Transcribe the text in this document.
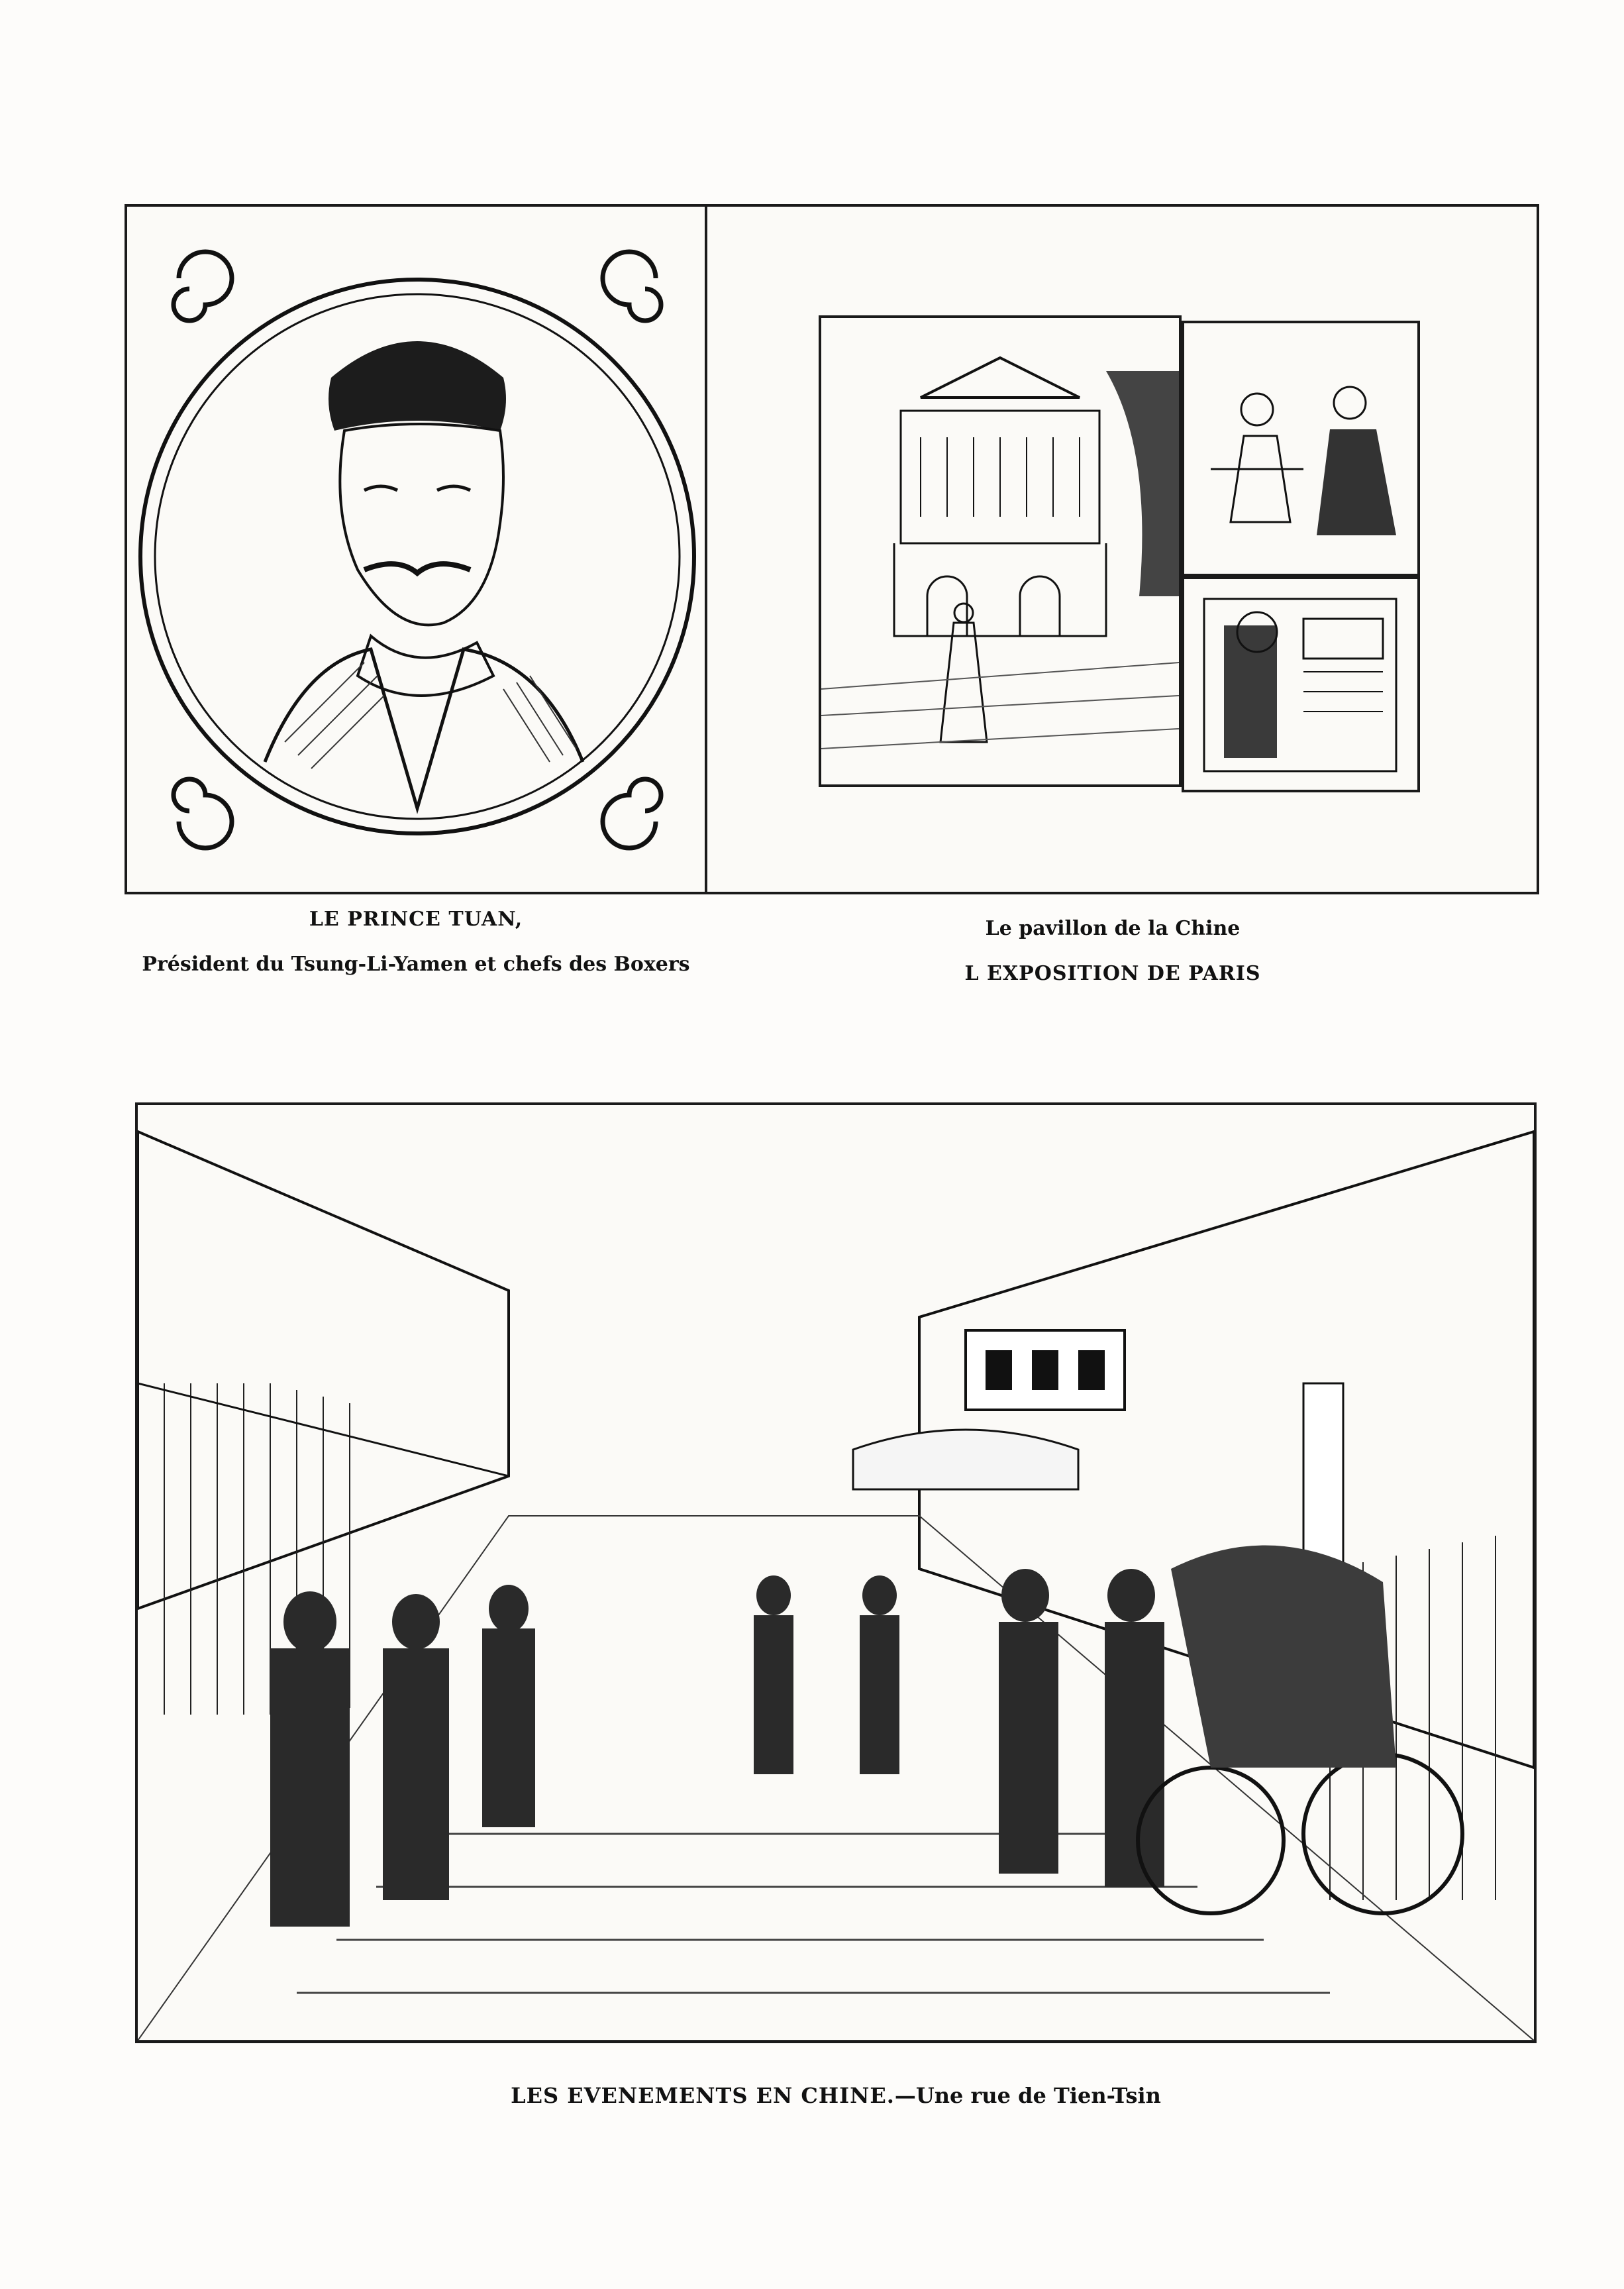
LE PRINCE TUAN,
Président du Tsung-Li-Yamen et chefs des Boxers
Le pavillon de la Chine
L EXPOSITION DE PARIS
LES EVENEMENTS EN CHINE.—Une rue de Tien-Tsin
